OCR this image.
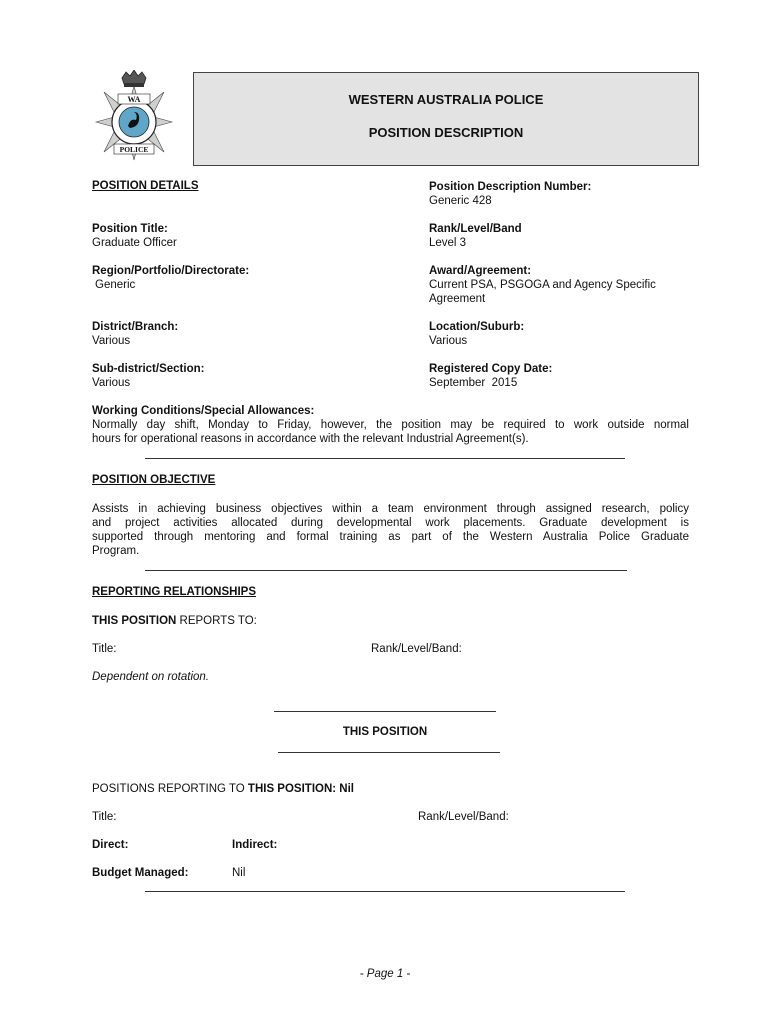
WA
POLICE
WESTERN AUSTRALIA POLICE
POSITION DESCRIPTION
POSITION DETAILS	Position Description Number:
Generic 428
Position Title:
Graduate Officer
Rank/Level/Band
Level 3
Region/Portfolio/Directorate:
Generic
Award/Agreement:
Current PSA, PSGOGA and Agency Specific
Agreement
District/Branch:
Various
Location/Suburb:
Various
Sub-district/Section:
Various
Registered Copy Date:
September  2015
Working Conditions/Special Allowances:
Normally day shift, Monday to Friday, however, the position may be required to work outside normal
hours for operational reasons in accordance with the relevant Industrial Agreement(s).
POSITION OBJECTIVE
Assists in achieving business objectives within a team environment through assigned research, policy
and project activities allocated during developmental work placements. Graduate development is
supported through mentoring and formal training as part of the Western Australia Police Graduate
Program.
REPORTING RELATIONSHIPS
THIS POSITION REPORTS TO:
Title:	Rank/Level/Band:
Dependent on rotation.
THIS POSITION
POSITIONS REPORTING TO THIS POSITION: Nil
Title:	Rank/Level/Band:
Direct:	Indirect:
Budget Managed:	Nil
- Page 1 -
